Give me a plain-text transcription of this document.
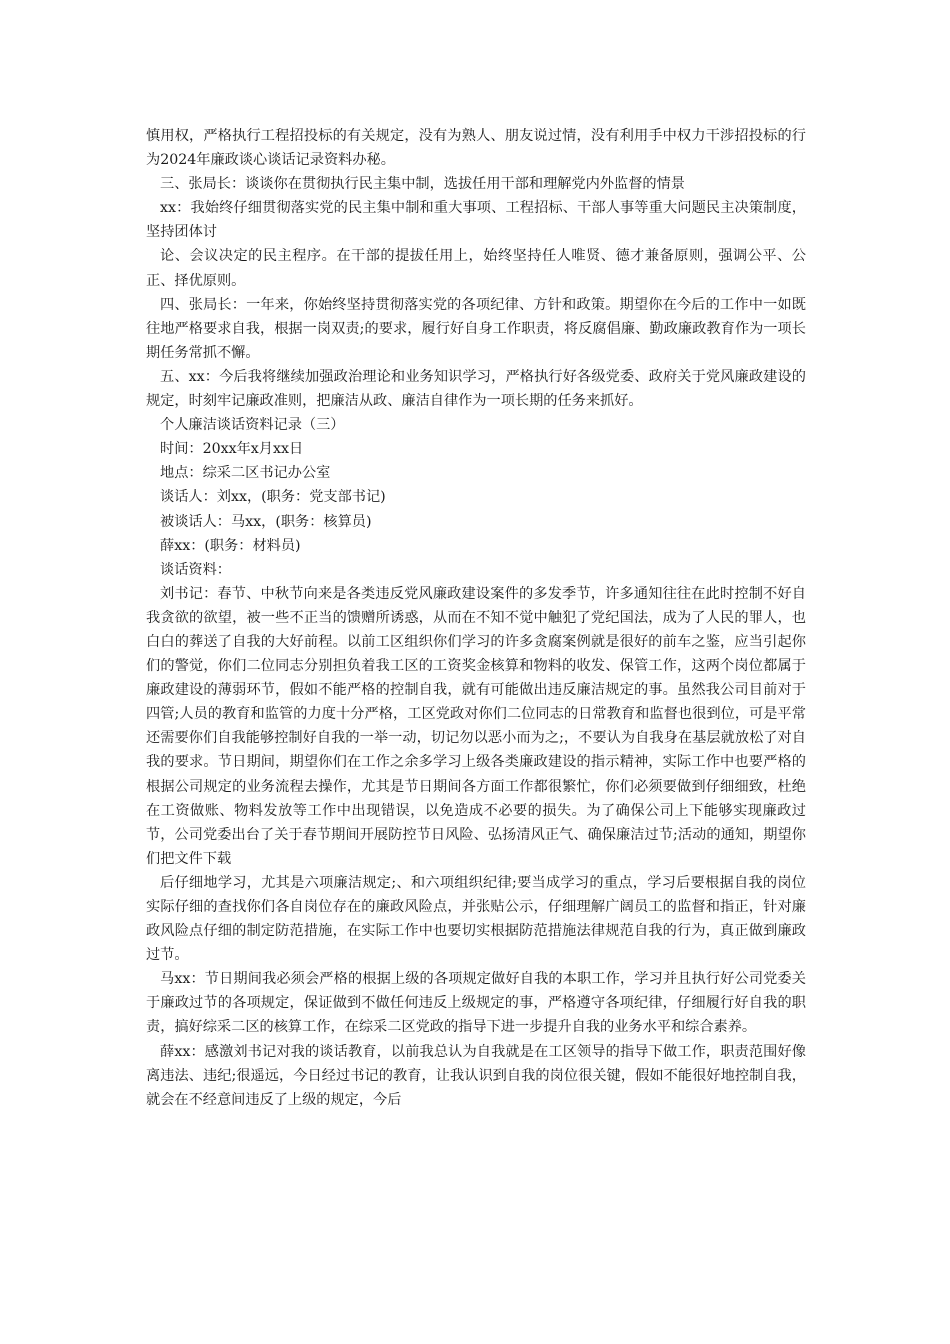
慎用权，严格执行工程招投标的有关规定，没有为熟人、朋友说过情，没有利用手中权力干涉招投标的行为2024年廉政谈心谈话记录资料办秘。

三、张局长：谈谈你在贯彻执行民主集中制，选拔任用干部和理解党内外监督的情景

xx：我始终仔细贯彻落实党的民主集中制和重大事项、工程招标、干部人事等重大问题民主决策制度，坚持团体讨

论、会议决定的民主程序。在干部的提拔任用上，始终坚持任人唯贤、德才兼备原则，强调公平、公正、择优原则。

四、张局长：一年来，你始终坚持贯彻落实党的各项纪律、方针和政策。期望你在今后的工作中一如既往地严格要求自我，根据一岗双责;的要求，履行好自身工作职责，将反腐倡廉、勤政廉政教育作为一项长期任务常抓不懈。

五、xx：今后我将继续加强政治理论和业务知识学习，严格执行好各级党委、政府关于党风廉政建设的规定，时刻牢记廉政准则，把廉洁从政、廉洁自律作为一项长期的任务来抓好。

个人廉洁谈话资料记录（三）

时间：20xx年x月xx日

地点：综采二区书记办公室

谈话人：刘xx，(职务：党支部书记)

被谈话人：马xx，(职务：核算员)

薛xx：(职务：材料员)

谈话资料：

刘书记：春节、中秋节向来是各类违反党风廉政建设案件的多发季节，许多通知往往在此时控制不好自我贪欲的欲望，被一些不正当的馈赠所诱惑，从而在不知不觉中触犯了党纪国法，成为了人民的罪人，也白白的葬送了自我的大好前程。以前工区组织你们学习的许多贪腐案例就是很好的前车之鉴，应当引起你们的警觉，你们二位同志分别担负着我工区的工资奖金核算和物料的收发、保管工作，这两个岗位都属于廉政建设的薄弱环节，假如不能严格的控制自我，就有可能做出违反廉洁规定的事。虽然我公司目前对于四管;人员的教育和监管的力度十分严格，工区党政对你们二位同志的日常教育和监督也很到位，可是平常还需要你们自我能够控制好自我的一举一动，切记勿以恶小而为之;，不要认为自我身在基层就放松了对自我的要求。节日期间，期望你们在工作之余多学习上级各类廉政建设的指示精神，实际工作中也要严格的根据公司规定的业务流程去操作，尤其是节日期间各方面工作都很繁忙，你们必须要做到仔细细致，杜绝在工资做账、物料发放等工作中出现错误，以免造成不必要的损失。为了确保公司上下能够实现廉政过节，公司党委出台了关于春节期间开展防控节日风险、弘扬清风正气、确保廉洁过节;活动的通知，期望你们把文件下载

后仔细地学习，尤其是六项廉洁规定;、和六项组织纪律;要当成学习的重点，学习后要根据自我的岗位实际仔细的查找你们各自岗位存在的廉政风险点，并张贴公示，仔细理解广阔员工的监督和指正，针对廉政风险点仔细的制定防范措施，在实际工作中也要切实根据防范措施法律规范自我的行为，真正做到廉政过节。

马xx：节日期间我必须会严格的根据上级的各项规定做好自我的本职工作，学习并且执行好公司党委关于廉政过节的各项规定，保证做到不做任何违反上级规定的事，严格遵守各项纪律，仔细履行好自我的职责，搞好综采二区的核算工作，在综采二区党政的指导下进一步提升自我的业务水平和综合素养。

薛xx：感激刘书记对我的谈话教育，以前我总认为自我就是在工区领导的指导下做工作，职责范围好像离违法、违纪;很遥远，今日经过书记的教育，让我认识到自我的岗位很关键，假如不能很好地控制自我，就会在不经意间违反了上级的规定，今后
